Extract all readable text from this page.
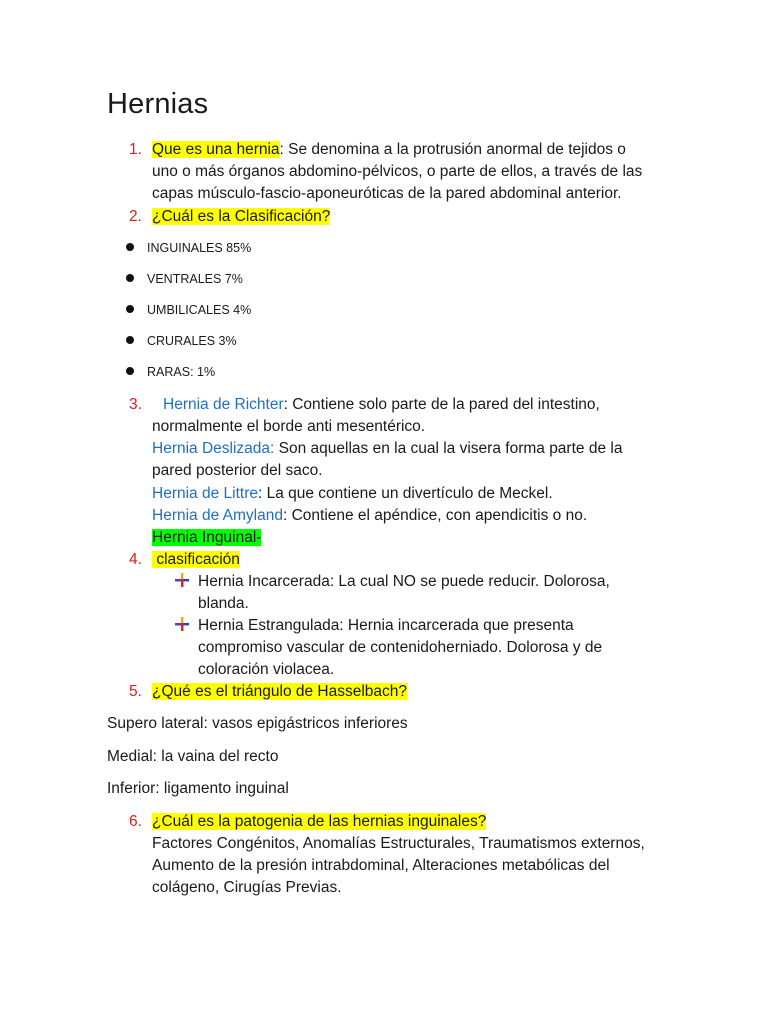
Hernias
1. Que es una hernia: Se denomina a la protrusión anormal de tejidos o
uno o más órganos abdomino-pélvicos, o parte de ellos, a través de las
capas músculo-fascio-aponeuróticas de la pared abdominal anterior.
2. ¿Cuál es la Clasificación?
INGUINALES 85%
VENTRALES 7%
UMBILICALES 4%
CRURALES 3%
RARAS: 1%
3. Hernia de Richter: Contiene solo parte de la pared del intestino,
normalmente el borde anti mesentérico.
Hernia Deslizada: Son aquellas en la cual la visera forma parte de la
pared posterior del saco.
Hernia de Littre: La que contiene un divertículo de Meckel.
Hernia de Amyland: Contiene el apéndice, con apendicitis o no.
Hernia Inguinal-
4. clasificación
Hernia Incarcerada: La cual NO se puede reducir. Dolorosa,
blanda.
Hernia Estrangulada: Hernia incarcerada que presenta
compromiso vascular de contenidoherniado. Dolorosa y de
coloración violacea.
5. ¿Qué es el triángulo de Hasselbach?
Supero lateral: vasos epigástricos inferiores
Medial: la vaina del recto
Inferior: ligamento inguinal
6. ¿Cuál es la patogenia de las hernias inguinales?
Factores Congénitos, Anomalías Estructurales, Traumatismos externos,
Aumento de la presión intrabdominal, Alteraciones metabólicas del
colágeno, Cirugías Previas.
